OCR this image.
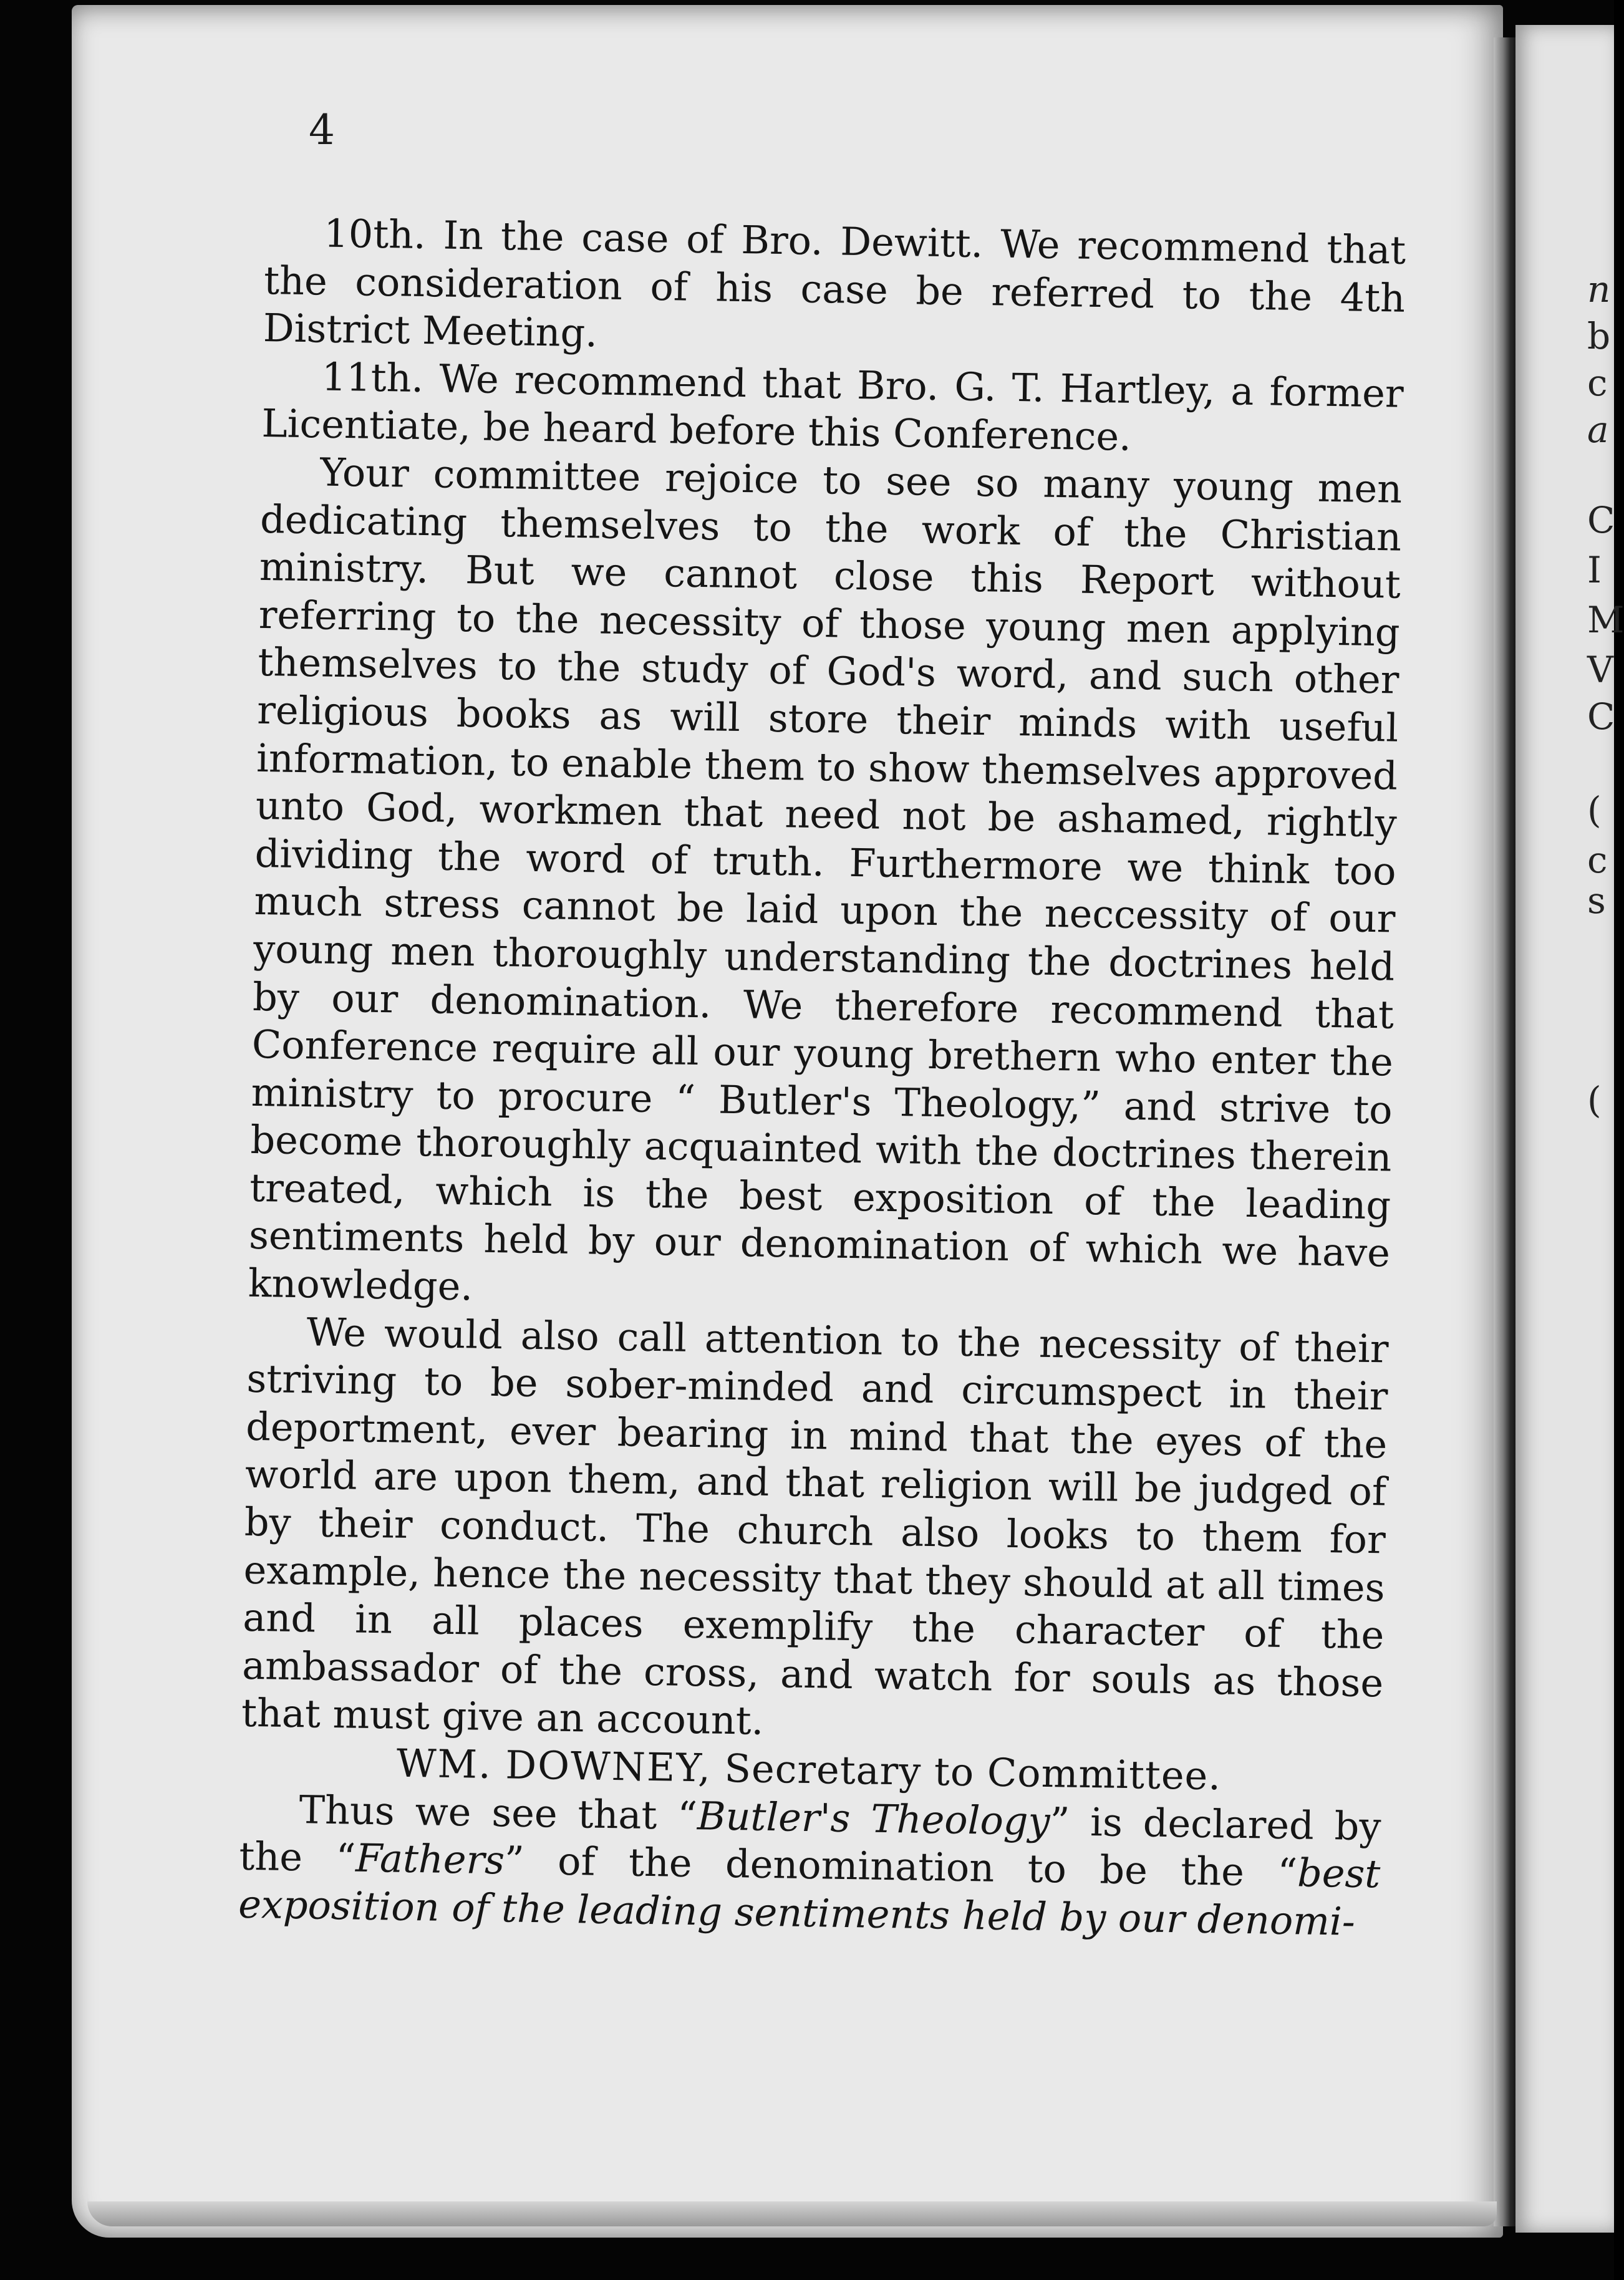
4

10th. In the case of Bro. Dewitt. We recommend that the consideration of his case be referred to the 4th District Meeting.

11th. We recommend that Bro. G. T. Hartley, a former Licentiate, be heard before this Conference.

Your committee rejoice to see so many young men dedicating themselves to the work of the Christian ministry. But we cannot close this Report without referring to the necessity of those young men applying themselves to the study of God's word, and such other religious books as will store their minds with useful information, to enable them to show themselves approved unto God, workmen that need not be ashamed, rightly dividing the word of truth. Furthermore we think too much stress cannot be laid upon the neccessity of our young men thoroughly understanding the doctrines held by our denomination. We therefore recommend that Conference require all our young brethern who enter the ministry to procure “ Butler's Theology,” and strive to become thoroughly acquainted with the doctrines therein treated, which is the best exposition of the leading sentiments held by our denomination of which we have knowledge.

We would also call attention to the necessity of their striving to be sober-minded and circumspect in their deportment, ever bearing in mind that the eyes of the world are upon them, and that religion will be judged of by their conduct. The church also looks to them for example, hence the necessity that they should at all times and in all places exemplify the character of the ambassador of the cross, and watch for souls as those that must give an account.

WM. DOWNEY, Secretary to Committee.

Thus we see that “Butler's Theology” is declared by the “Fathers” of the denomination to be the “best exposition of the leading sentiments held by our denomi-

n
b
c
a
C
I
M
V
C
(
c
s
(
